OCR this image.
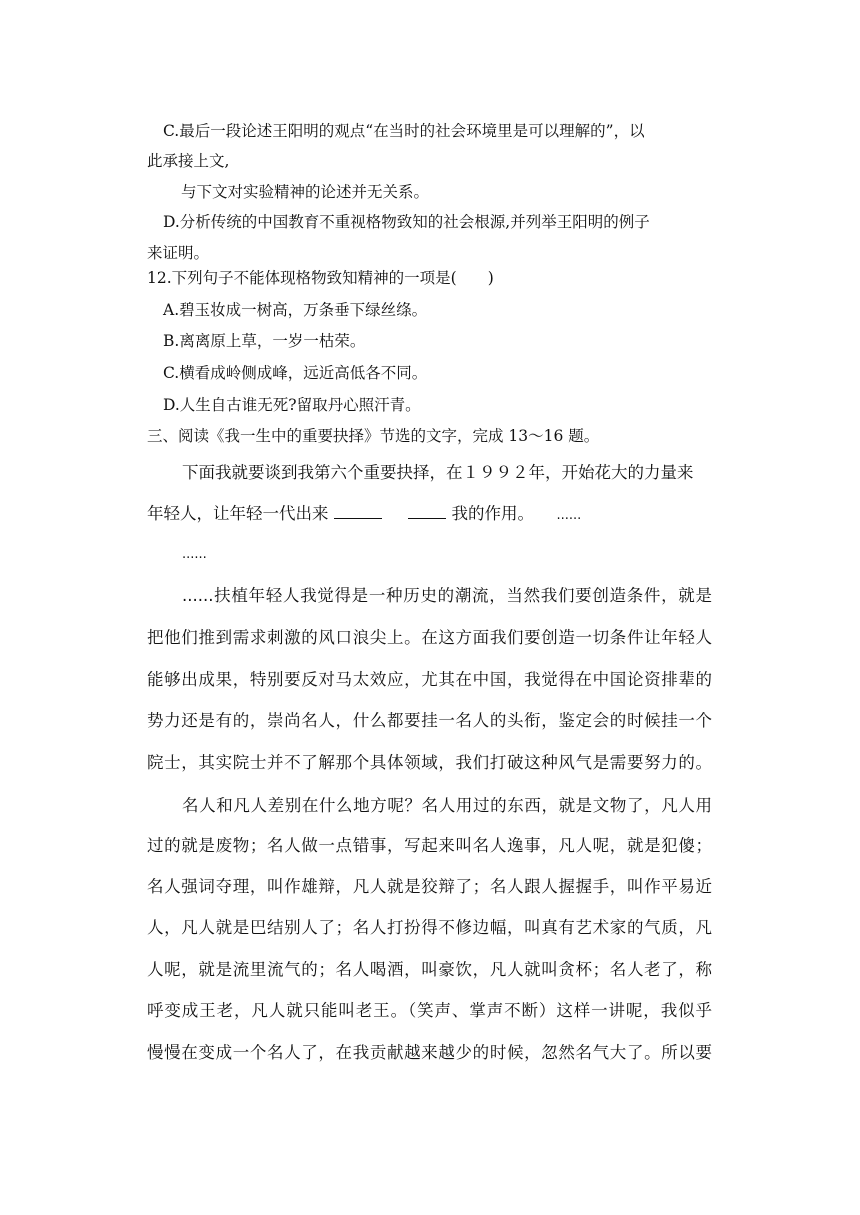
C.最后一段论述王阳明的观点“在当时的社会环境里是可以理解的”，以
此承接上文,
与下文对实验精神的论述并无关系。
D.分析传统的中国教育不重视格物致知的社会根源,并列举王阳明的例子
来证明。
12.下列句子不能体现格物致知精神的一项是(　　)
A.碧玉妆成一树高，万条垂下绿丝绦。
B.离离原上草，一岁一枯荣。
C.横看成岭侧成峰，远近高低各不同。
D.人生自古谁无死?留取丹心照汗青。
三、阅读《我一生中的重要抉择》节选的文字，完成 13～16 题。
下面我就要谈到我第六个重要抉择，在１９９２年，开始花大的力量来
年轻人，让年轻一代出来	我的作用。 ......
......
......扶植年轻人我觉得是一种历史的潮流，当然我们要创造条件，就是
把他们推到需求刺激的风口浪尖上。在这方面我们要创造一切条件让年轻人
能够出成果，特别要反对马太效应，尤其在中国，我觉得在中国论资排辈的
势力还是有的，崇尚名人，什么都要挂一名人的头衔，鉴定会的时候挂一个
院士，其实院士并不了解那个具体领域，我们打破这种风气是需要努力的。
名人和凡人差别在什么地方呢？名人用过的东西，就是文物了，凡人用
过的就是废物；名人做一点错事，写起来叫名人逸事，凡人呢，就是犯傻；
名人强词夺理，叫作雄辩，凡人就是狡辩了；名人跟人握握手，叫作平易近
人，凡人就是巴结别人了；名人打扮得不修边幅，叫真有艺术家的气质，凡
人呢，就是流里流气的；名人喝酒，叫豪饮，凡人就叫贪杯；名人老了，称
呼变成王老，凡人就只能叫老王。（笑声、掌声不断）这样一讲呢，我似乎
慢慢在变成一个名人了，在我贡献越来越少的时候，忽然名气大了。所以要
